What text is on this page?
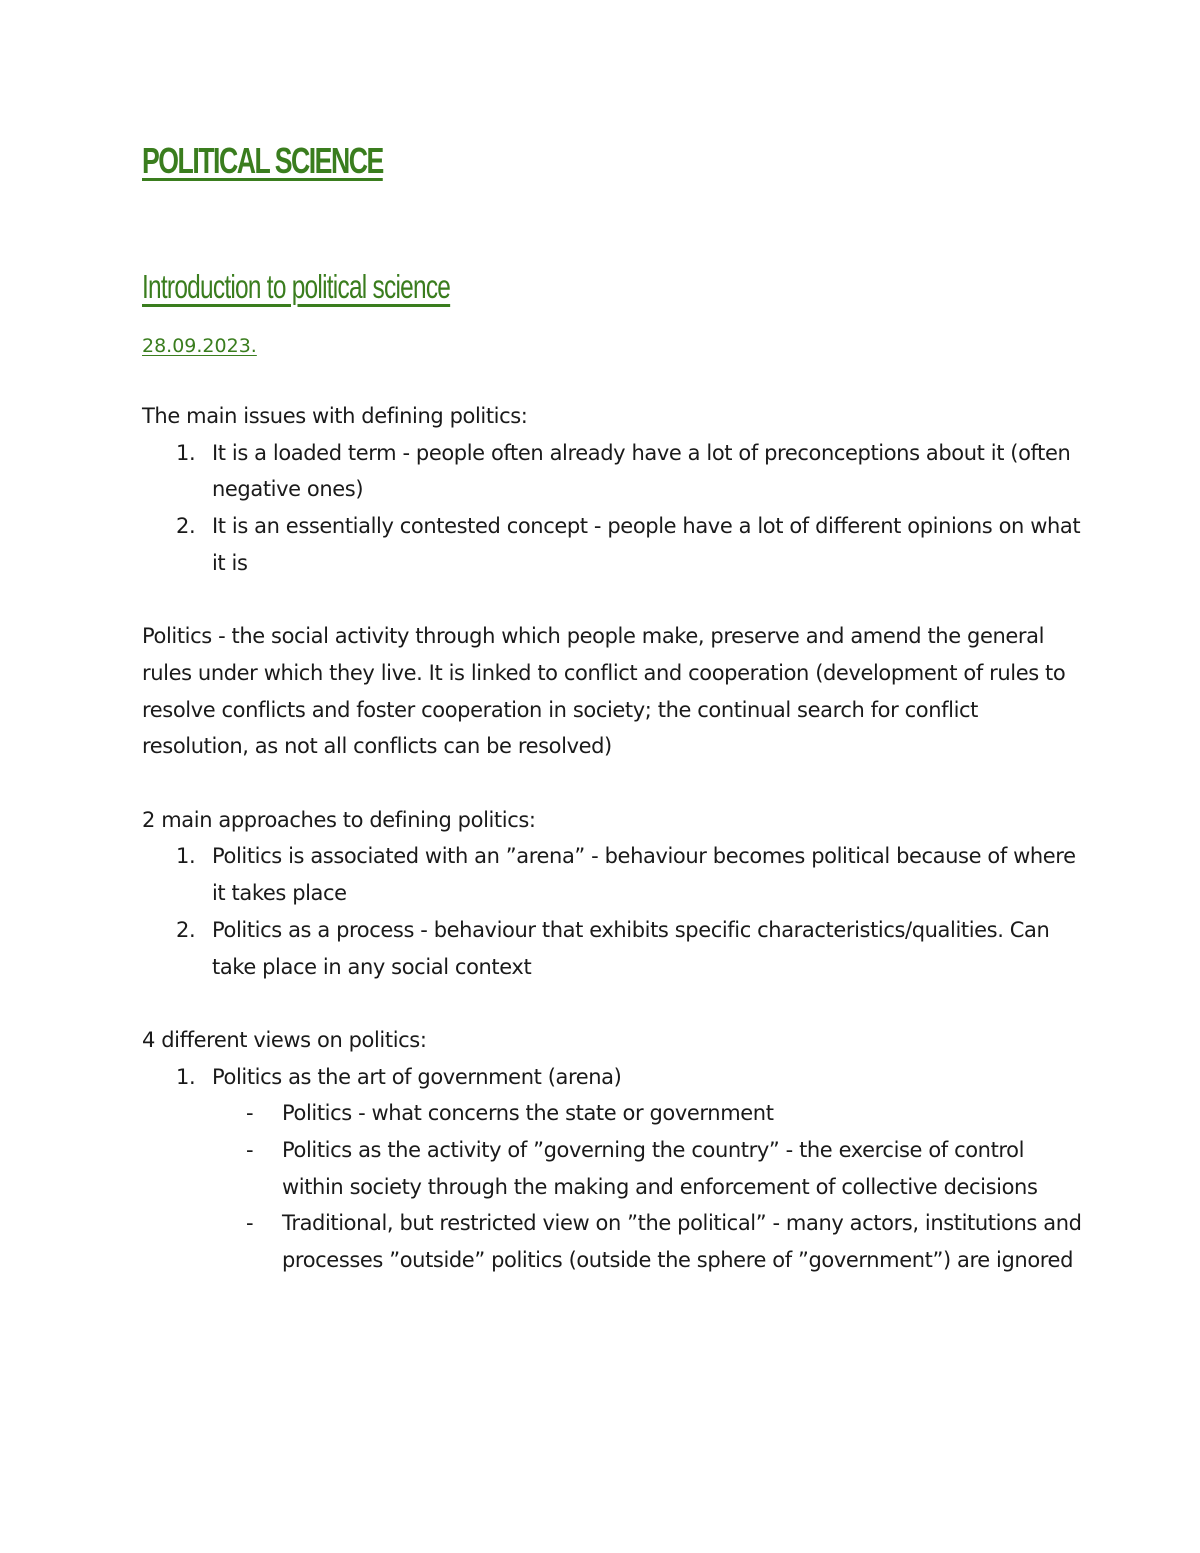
POLITICAL SCIENCE
Introduction to political science
28.09.2023.

The main issues with defining politics:

1. It is a loaded term - people often already have a lot of preconceptions about it (often negative ones)
2. It is an essentially contested concept - people have a lot of different opinions on what it is

Politics - the social activity through which people make, preserve and amend the general rules under which they live. It is linked to conflict and cooperation (development of rules to resolve conflicts and foster cooperation in society; the continual search for conflict resolution, as not all conflicts can be resolved)

2 main approaches to defining politics:

1. Politics is associated with an ”arena” - behaviour becomes political because of where it takes place
2. Politics as a process - behaviour that exhibits specific characteristics/qualities. Can take place in any social context

4 different views on politics:

1. Politics as the art of government (arena)
- Politics - what concerns the state or government
- Politics as the activity of ”governing the country” - the exercise of control within society through the making and enforcement of collective decisions
- Traditional, but restricted view on ”the political” - many actors, institutions and processes ”outside” politics (outside the sphere of ”government”) are ignored
